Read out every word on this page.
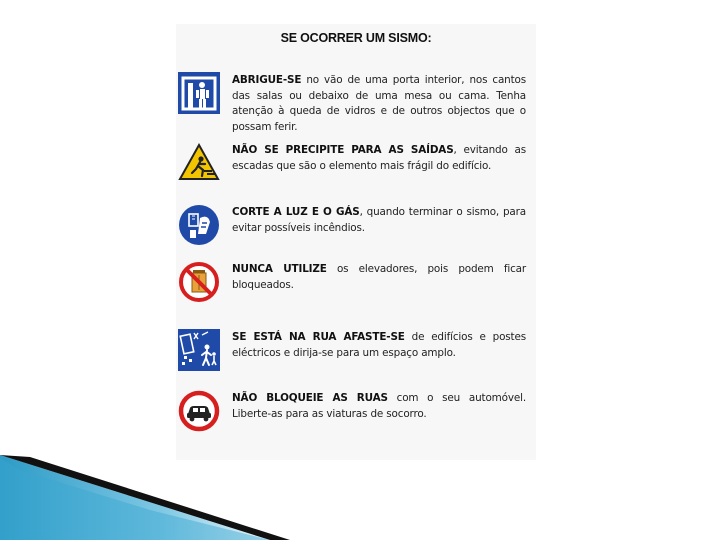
SE OCORRER UM SISMO:
ABRIGUE-SE no vão de uma porta interior, nos cantos das salas ou debaixo de uma mesa ou cama. Tenha atenção à queda de vidros e de outros objectos que o possam ferir.
NÃO SE PRECIPITE PARA AS SAÍDAS, evitando as escadas que são o elemento mais frágil do edifício.
CORTE A LUZ E O GÁS, quando terminar o sismo, para evitar possíveis incêndios.
NUNCA UTILIZE os elevadores, pois podem ficar bloqueados.
SE ESTÁ NA RUA AFASTE-SE de edifícios e postes eléctricos e dirija-se para um espaço amplo.
NÃO BLOQUEIE AS RUAS com o seu automóvel. Liberte-as para as viaturas de socorro.
